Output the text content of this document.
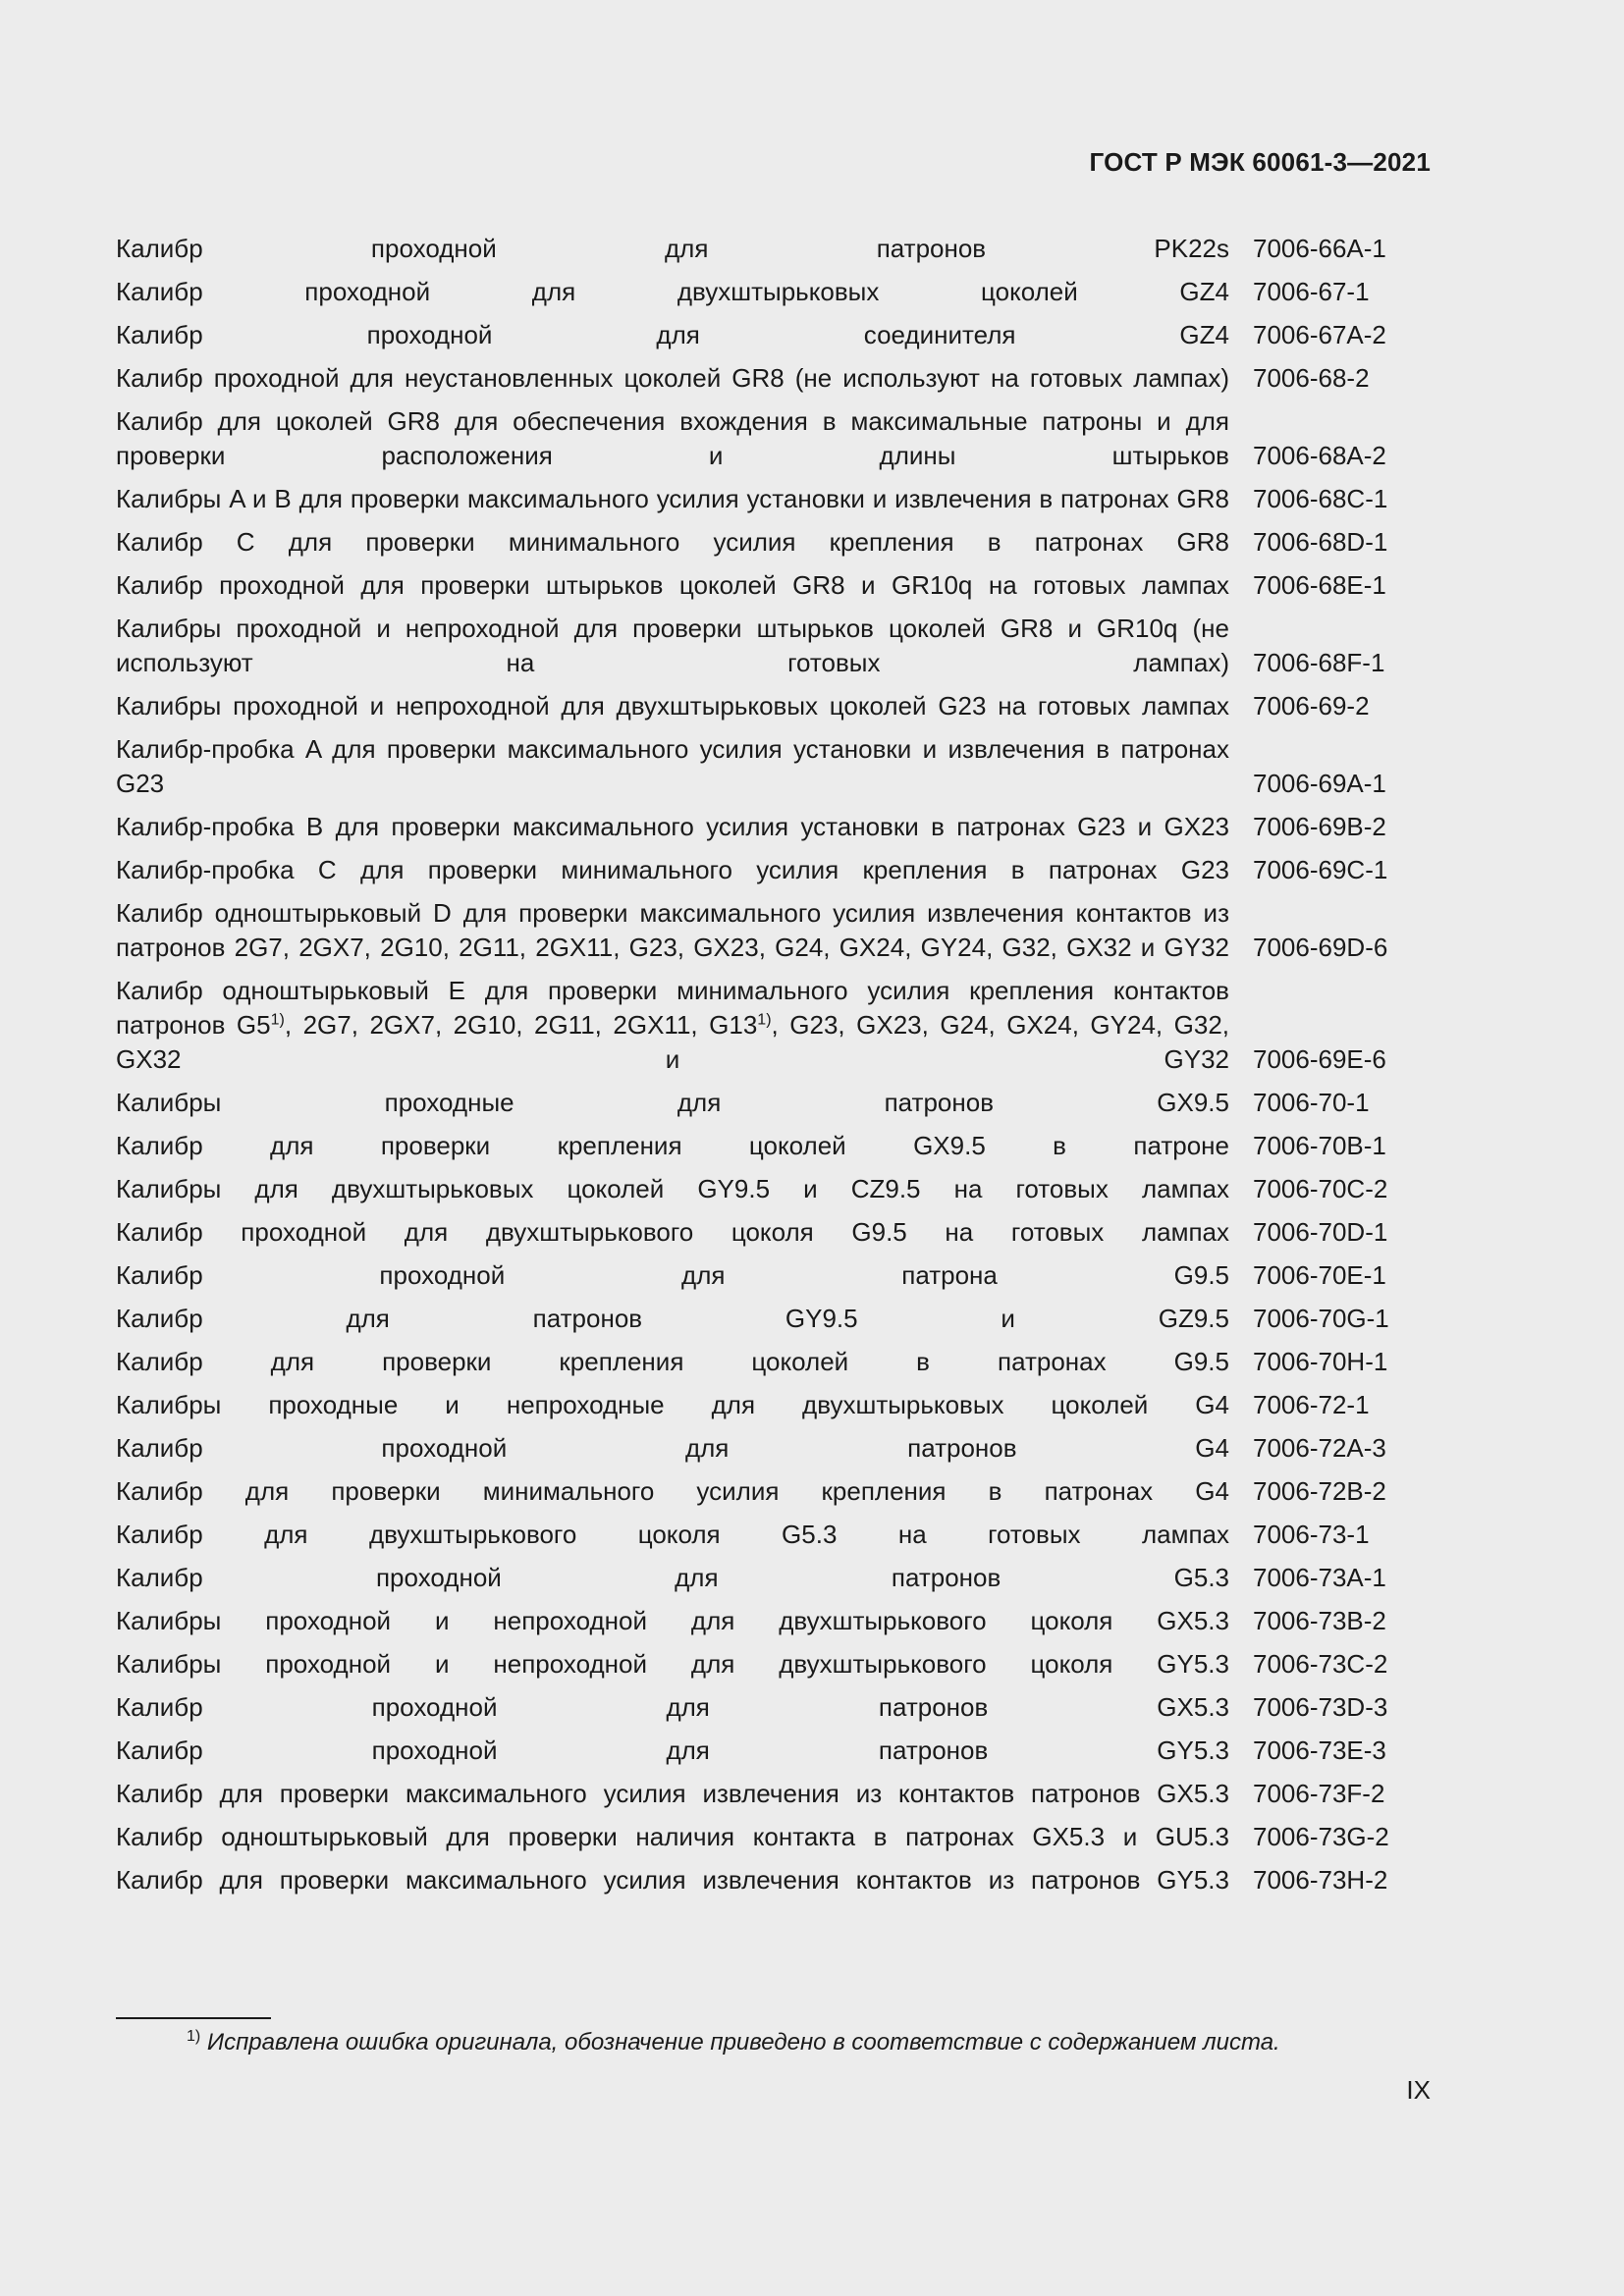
ГОСТ Р МЭК 60061-3—2021
Калибр проходной для патронов PK22s 7006-66A-1
Калибр проходной для двухштырьковых цоколей GZ4 7006-67-1
Калибр проходной для соединителя GZ4 7006-67A-2
Калибр проходной для неустановленных цоколей GR8 (не используют на готовых лампах) 7006-68-2
Калибр для цоколей GR8 для обеспечения вхождения в максимальные патроны и для проверки расположения и длины штырьков 7006-68A-2
Калибры A и B для проверки максимального усилия установки и извлечения в патронах GR8 7006-68C-1
Калибр C для проверки минимального усилия крепления в патронах GR8 7006-68D-1
Калибр проходной для проверки штырьков цоколей GR8 и GR10q на готовых лампах 7006-68E-1
Калибры проходной и непроходной для проверки штырьков цоколей GR8 и GR10q (не используют на готовых лампах) 7006-68F-1
Калибры проходной и непроходной для двухштырьковых цоколей G23 на готовых лампах 7006-69-2
Калибр-пробка A для проверки максимального усилия установки и извлечения в патронах G23	7006-69A-1
Калибр-пробка B для проверки максимального усилия установки в патронах G23 и GX23 7006-69B-2
Калибр-пробка C для проверки минимального усилия крепления в патронах G23 7006-69C-1
Калибр одноштырьковый D для проверки максимального усилия извлечения контактов из патронов 2G7, 2GX7, 2G10, 2G11, 2GX11, G23, GX23, G24, GX24, GY24, G32, GX32 и GY32 7006-69D-6
Калибр одноштырьковый E для проверки минимального усилия крепления контактов патронов G5$^{1)}$, 2G7, 2GX7, 2G10, 2G11, 2GX11, G13$^{1)}$, G23, GX23, G24, GX24, GY24, G32, GX32 и GY32 7006-69E-6
Калибры проходные для патронов GX9.5 7006-70-1
Калибр для проверки крепления цоколей GX9.5 в патроне 7006-70B-1
Калибры для двухштырьковых цоколей GY9.5 и CZ9.5 на готовых лампах 7006-70C-2
Калибр проходной для двухштырькового цоколя G9.5 на готовых лампах 7006-70D-1
Калибр проходной для патрона G9.5 7006-70E-1
Калибр для патронов GY9.5 и GZ9.5 7006-70G-1
Калибр для проверки крепления цоколей в патронах G9.5 7006-70H-1
Калибры проходные и непроходные для двухштырьковых цоколей G4 7006-72-1
Калибр проходной для патронов G4 7006-72A-3
Калибр для проверки минимального усилия крепления в патронах G4 7006-72B-2
Калибр для двухштырькового цоколя G5.3 на готовых лампах 7006-73-1
Калибр проходной для патронов G5.3 7006-73A-1
Калибры проходной и непроходной для двухштырькового цоколя GX5.3 7006-73B-2
Калибры проходной и непроходной для двухштырькового цоколя GY5.3 7006-73C-2
Калибр проходной для патронов GX5.3 7006-73D-3
Калибр проходной для патронов GY5.3 7006-73E-3
Калибр для проверки максимального усилия извлечения из контактов патронов GX5.3 7006-73F-2
Калибр одноштырьковый для проверки наличия контакта в патронах GX5.3 и GU5.3 7006-73G-2
Калибр для проверки максимального усилия извлечения контактов из патронов GY5.3 7006-73H-2
$^{1)}$ Исправлена ошибка оригинала, обозначение приведено в соответствие с содержанием листа.
IX
